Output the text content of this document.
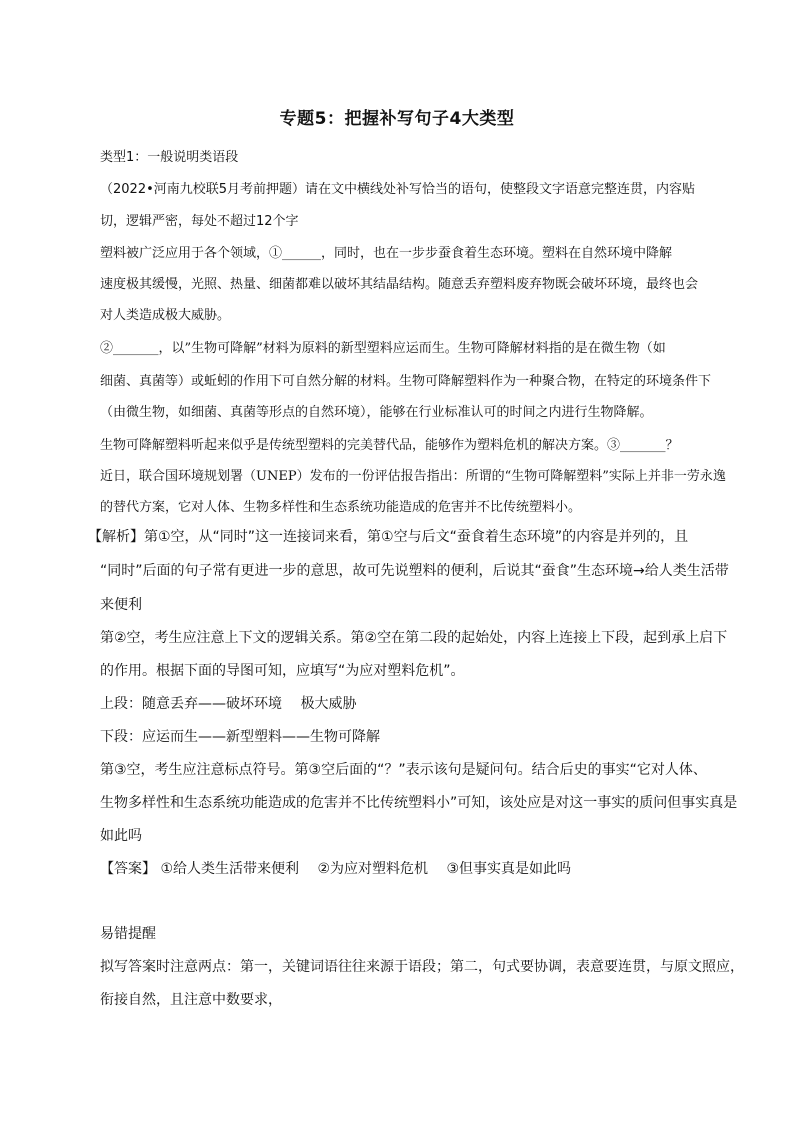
专题5：把握补写句子4大类型
类型1：一般说明类语段
（2022•河南九校联5月考前押题）请在文中横线处补写恰当的语句，使整段文字语意完整连贯，内容贴
切，逻辑严密，每处不超过12个字
塑料被广泛应用于各个领域，①______，同时，也在一步步蚕食着生态环境。塑料在自然环境中降解
速度极其缓慢，光照、热量、细菌都难以破坏其结晶结构。随意丢弃塑料废弃物既会破坏环境，最终也会
对人类造成极大威胁。
②_______，以”生物可降解”材料为原料的新型塑料应运而生。生物可降解材料指的是在微生物（如
细菌、真菌等）或蚯蚓的作用下可自然分解的材料。生物可降解塑料作为一种聚合物，在特定的环境条件下
（由微生物，如细菌、真菌等形点的自然环境），能够在行业标准认可的时间之内进行生物降解。
生物可降解塑料听起来似乎是传统型塑料的完美替代品，能够作为塑料危机的解决方案。③_______？
近日，联合国环境规划署（UNEP）发布的一份评估报告指出：所谓的“生物可降解塑料”实际上并非一劳永逸
的替代方案，它对人体、生物多样性和生态系统功能造成的危害并不比传统塑料小。
【解析】第①空，从“同时”这一连接词来看，第①空与后文“蚕食着生态环境”的内容是并列的，且
“同时”后面的句子常有更进一步的意思，故可先说塑料的便利，后说其“蚕食”生态环境→给人类生活带
来便利
第②空，考生应注意上下文的逻辑关系。第②空在第二段的起始处，内容上连接上下段，起到承上启下
的作用。根据下面的导图可知，应填写“为应对塑料危机”。
上段：随意丢弃——破坏环境　 极大威胁
下段：应运而生——新型塑料——生物可降解
第③空，考生应注意标点符号。第③空后面的“？”表示该句是疑问句。结合后史的事实“它对人体、
生物多样性和生态系统功能造成的危害并不比传统塑料小”可知，该处应是对这一事实的质问但事实真是
如此吗
【答案】 ①给人类生活带来便利　 ②为应对塑料危机　 ③但事实真是如此吗
易错提醒
拟写答案时注意两点：第一，关键词语往往来源于语段；第二，句式要协调，表意要连贯，与原文照应，
衔接自然，且注意中数要求，
